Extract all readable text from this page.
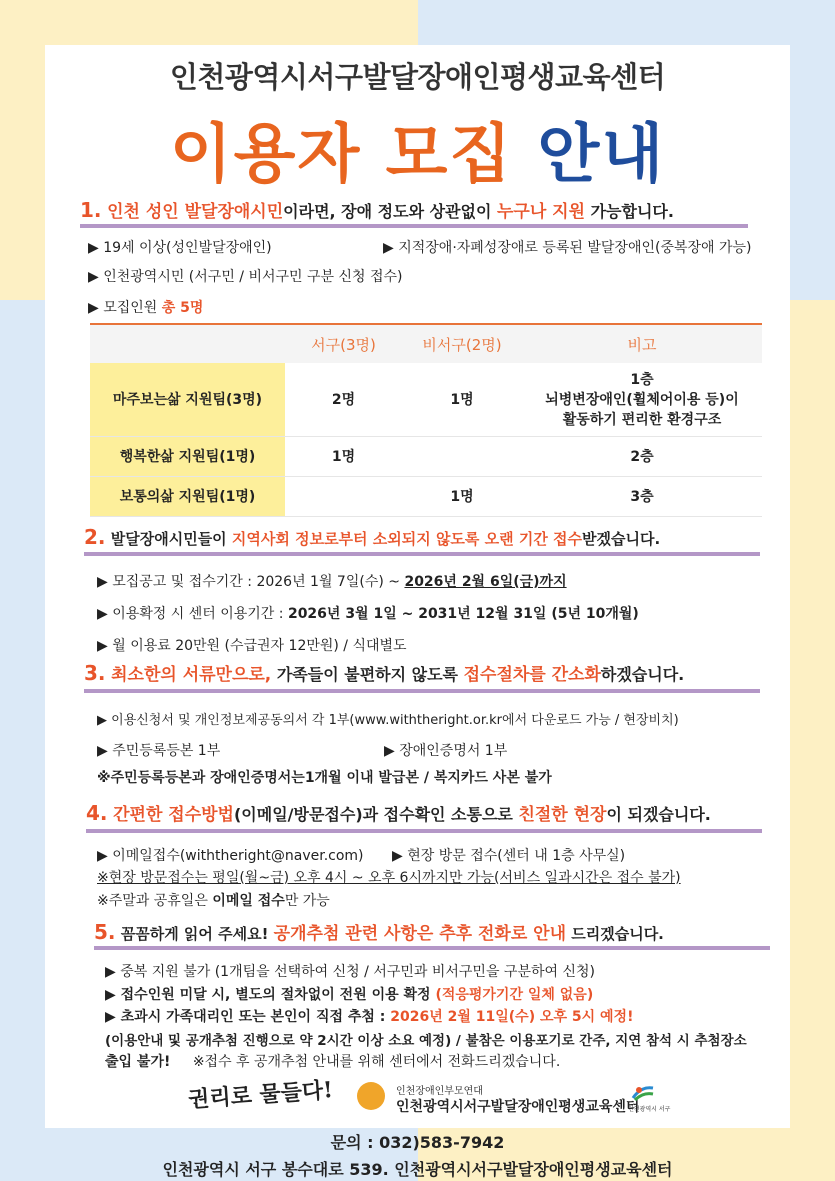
인천광역시서구발달장애인평생교육센터
이용자 모집 안내
1. 인천 성인 발달장애시민이라면, 장애 정도와 상관없이 누구나 지원 가능합니다.
▶ 19세 이상(성인발달장애인)	▶ 지적장애·자폐성장애로 등록된 발달장애인(중복장애 가능)
▶ 인천광역시민 (서구민 / 비서구민 구분 신청 접수)
▶ 모집인원 총 5명
	서구(3명)	비서구(2명)	비고
마주보는삶 지원팀(3명)	2명	1명	1층
뇌병변장애인(휠체어이용 등)이
활동하기 편리한 환경구조

행복한삶 지원팀(1명)	1명		2층
보통의삶 지원팀(1명)		1명	3층
2. 발달장애시민들이 지역사회 정보로부터 소외되지 않도록 오랜 기간 접수받겠습니다.
▶ 모집공고 및 접수기간 : 2026년 1월 7일(수) ~ 2026년 2월 6일(금)까지
▶ 이용확정 시 센터 이용기간 : 2026년 3월 1일 ~ 2031년 12월 31일 (5년 10개월)
▶ 월 이용료 20만원 (수급권자 12만원) / 식대별도
3. 최소한의 서류만으로, 가족들이 불편하지 않도록 접수절차를 간소화하겠습니다.
▶ 이용신청서 및 개인정보제공동의서 각 1부(www.withtheright.or.kr에서 다운로드 가능 / 현장비치)
▶ 주민등록등본 1부	▶ 장애인증명서 1부
※주민등록등본과 장애인증명서는1개월 이내 발급본 / 복지카드 사본 불가
4. 간편한 접수방법(이메일/방문접수)과 접수확인 소통으로 친절한 현장이 되겠습니다.
▶ 이메일접수(withtheright@naver.com) ▶ 현장 방문 접수(센터 내 1층 사무실)
※현장 방문접수는 평일(월~금) 오후 4시 ~ 오후 6시까지만 가능(서비스 일과시간은 접수 불가)
※주말과 공휴일은 이메일 접수만 가능
5. 꼼꼼하게 읽어 주세요! 공개추첨 관련 사항은 추후 전화로 안내 드리겠습니다.
▶ 중복 지원 불가 (1개팀을 선택하여 신청 / 서구민과 비서구민을 구분하여 신청)
▶ 접수인원 미달 시, 별도의 절차없이 전원 이용 확정 (적응평가기간 일체 없음)
▶ 초과시 가족대리인 또는 본인이 직접 추첨 : 2026년 2월 11일(수) 오후 5시 예정!
(이용안내 및 공개추첨 진행으로 약 2시간 이상 소요 예정) / 불참은 이용포기로 간주, 지연 참석 시 추첨장소
출입 불가! ※접수 후 공개추첨 안내를 위해 센터에서 전화드리겠습니다.
권리로 물들다!	인천장애인부모연대
인천광역시서구발달장애인평생교육센터
인천광역시 서구
문의 : 032)583-7942
인천광역시 서구 봉수대로 539. 인천광역시서구발달장애인평생교육센터
